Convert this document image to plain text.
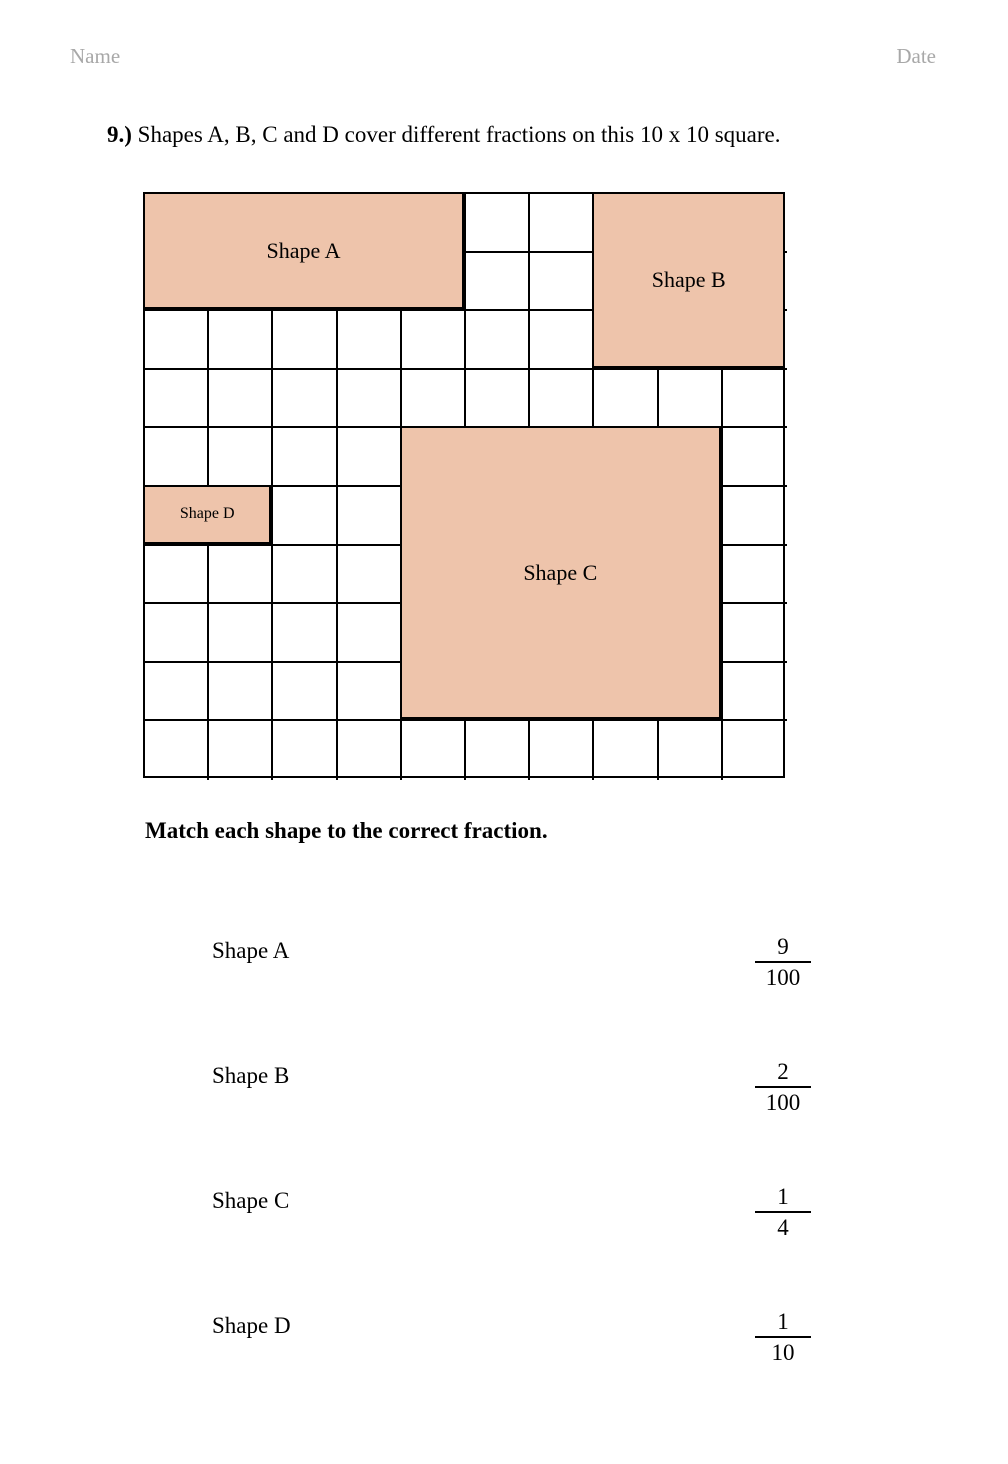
Name	Date
9.) Shapes A, B, C and D cover different fractions on this 10 x 10 square.
Shape A
Shape B
Shape C
Shape D
Match each shape to the correct fraction.
Shape A	9
100
Shape B	2
100
Shape C	1
4
Shape D	1
10
